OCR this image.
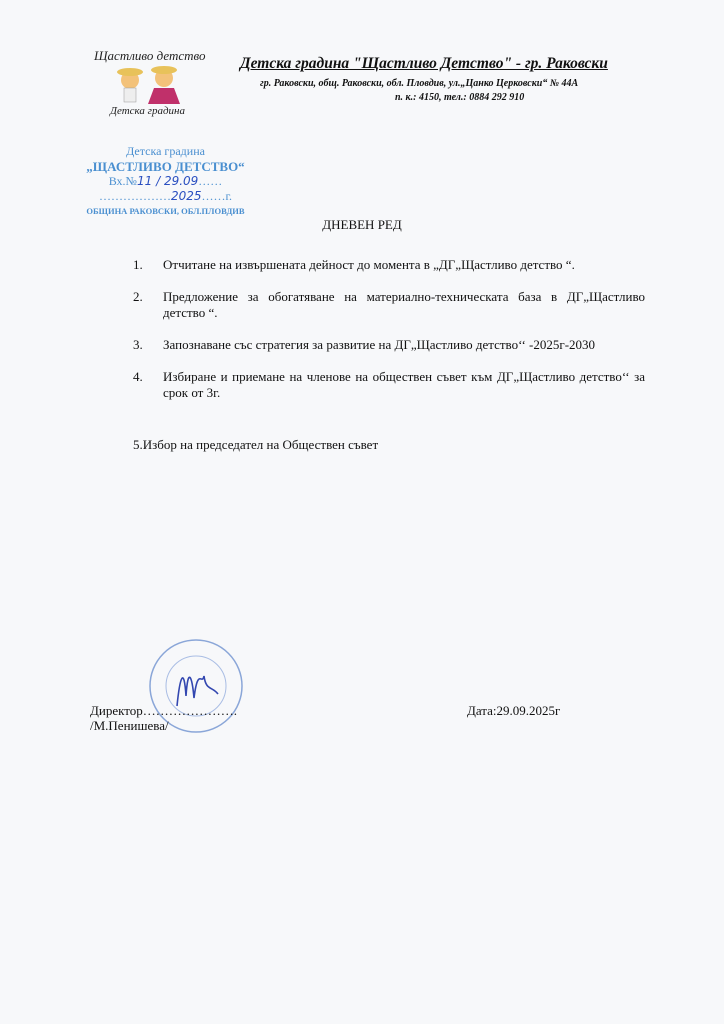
Щастливо детство
Детска градина
Детска градина "Щастливо Детство" - гр. Раковски
гр. Раковски, общ. Раковски, обл. Пловдив, ул.„Цанко Церковски“ № 44А
п. к.: 4150, тел.: 0884 292 910
Детска градина
„ЩАСТЛИВО ДЕТСТВО“
Вх.№11 / 29.09……
………………2025……г.
ОБЩИНА РАКОВСКИ, ОБЛ.ПЛОВДИВ
ДНЕВЕН РЕД
1.	Отчитане на извършената дейност до момента в „ДГ„Щастливо детство “.
2.	Предложение за обогатяване на материално-техническата база в ДГ„Щастливо детство “.
3.	Запознаване със стратегия за развитие на ДГ„Щастливо детство‘‘ -2025г-2030
4.	Избиране и приемане на членове на обществен съвет към ДГ„Щастливо детство‘‘ за срок от 3г.
5.Избор на председател на Обществен съвет
Директор………………….
/М.Пенишева/
Дата:29.09.2025г
